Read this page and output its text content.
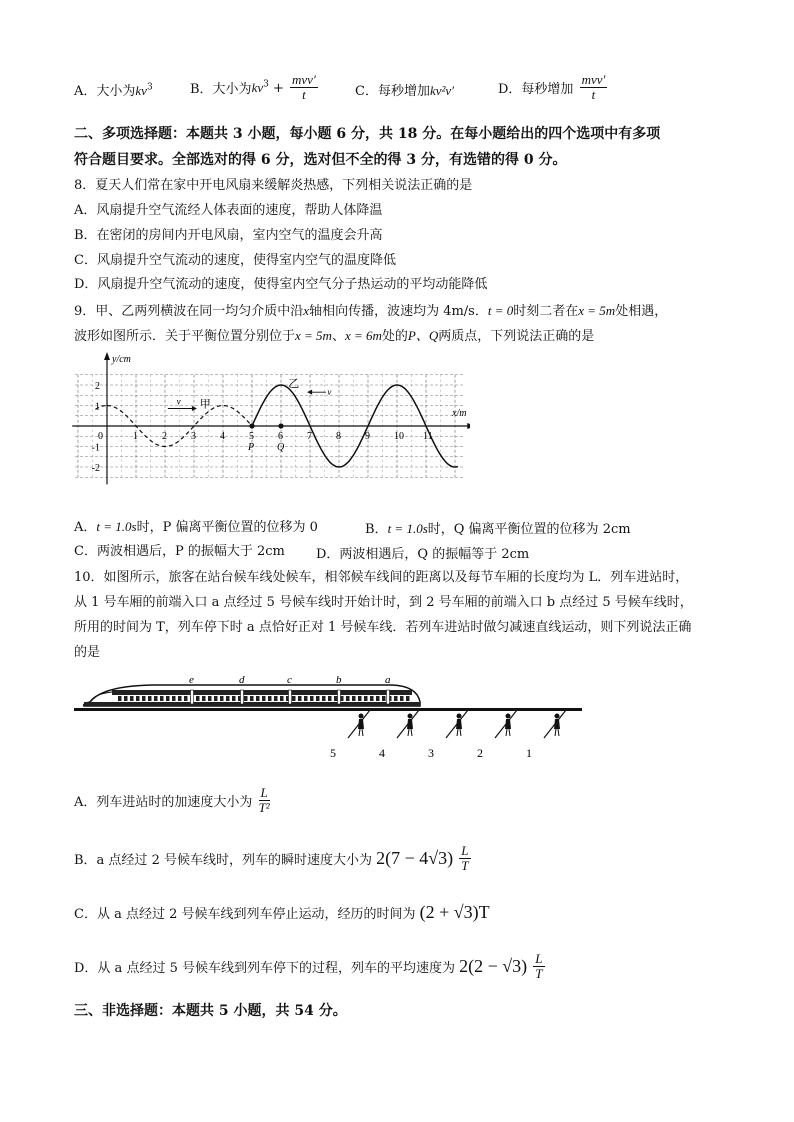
A．大小为$kv^3$	B．大小为$kv^3 + \frac{\text{mvv′}}{t}$	C．每秒增加kv²v′	D．每秒增加 $\frac{\text{mvv′}}{t}$
二、多项选择题：本题共 3 小题，每小题 6 分，共 18 分。在每小题给出的四个选项中有多项
符合题目要求。全部选对的得 6 分，选对但不全的得 3 分，有选错的得 0 分。
8．夏天人们常在家中开电风扇来缓解炎热感，下列相关说法正确的是
A．风扇提升空气流经人体表面的速度，帮助人体降温
B．在密闭的房间内开电风扇，室内空气的温度会升高
C．风扇提升空气流动的速度，使得室内空气的温度降低
D．风扇提升空气流动的速度，使得室内空气分子热运动的平均动能降低
9．甲、乙两列横波在同一均匀介质中沿x轴相向传播，波速均为 4m/s．t = 0时刻二者在x = 5m处相遇，
波形如图所示．关于平衡位置分别位于x = 5m、x = 6m处的P、Q两质点，下列说法正确的是
y/cm
x/m
2
1
-1
-2
0	1 2 3 4 5 6 7 8 9 10 11
甲
v
乙
v
P Q
A．t = 1.0s时，P 偏离平衡位置的位移为 0	B．t = 1.0s时，Q 偏离平衡位置的位移为 2cm
C．两波相遇后，P 的振幅大于 2cm D．两波相遇后，Q 的振幅等于 2cm
10．如图所示，旅客在站台候车线处候车，相邻候车线间的距离以及每节车厢的长度均为 L．列车进站时，
从 1 号车厢的前端入口 a 点经过 5 号候车线时开始计时，到 2 号车厢的前端入口 b 点经过 5 号候车线时，
所用的时间为 T，列车停下时 a 点恰好正对 1 号候车线．若列车进站时做匀减速直线运动，则下列说法正确
的是
e	d	c	b	a
5	4	3	2	1
A．列车进站时的加速度大小为 $\frac{L}{\text{T²}}$
B．a 点经过 2 号候车线时，列车的瞬时速度大小为 $2(7 - 4√3) \frac{L}{T}$
C．从 a 点经过 2 号候车线到列车停止运动，经历的时间为 (2 + √3)T
D．从 a 点经过 5 号候车线到列车停下的过程，列车的平均速度为 $2(2 - √3) \frac{L}{T}$
三、非选择题：本题共 5 小题，共 54 分。
